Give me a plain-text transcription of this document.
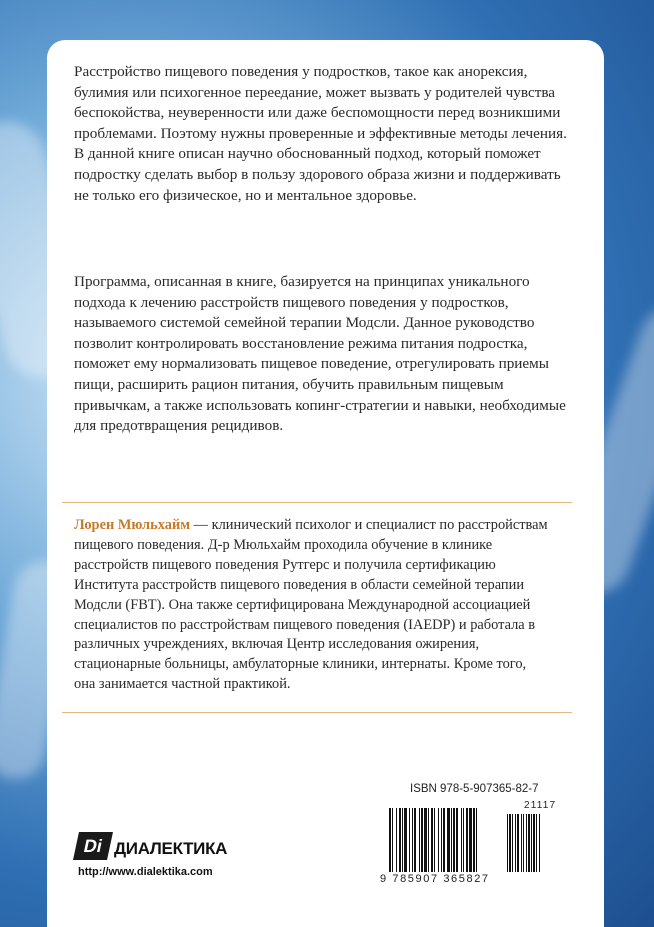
Расстройство пищевого поведения у подростков, такое как анорексия, булимия или психогенное переедание, может вызвать у родителей чувства беспокойства, неуверенности или даже беспомощности перед возникшими проблемами. Поэтому нужны проверенные и эффективные методы лечения. В данной книге описан научно обоснованный подход, который поможет подростку сделать выбор в пользу здорового образа жизни и поддерживать не только его физическое, но и ментальное здоровье.

Программа, описанная в книге, базируется на принципах уникального подхода к лечению расстройств пищевого поведения у подростков, называемого системой семейной терапии Модсли. Данное руководство позволит контролировать восстановление режима питания подростка, поможет ему нормализовать пищевое поведение, отрегулировать приемы пищи, расширить рацион питания, обучить правильным пищевым привычкам, а также использовать копинг-стратегии и навыки, необходимые для предотвращения рецидивов.

Лорен Мюльхайм — клинический психолог и специалист по расстройствам пищевого поведения. Д-р Мюльхайм проходила обучение в клинике расстройств пищевого поведения Рутгерс и получила сертификацию Института расстройств пищевого поведения в области семейной терапии Модсли (FBT). Она также сертифицирована Международной ассоциацией специалистов по расстройствам пищевого поведения (IAEDP) и работала в различных учреждениях, включая Центр исследования ожирения, стационарные больницы, амбулаторные клиники, интернаты. Кроме того, она занимается частной практикой.

ISBN 978-5-907365-82-7
21117
9 785907 365827
Di ДИАЛЕКТИКА
http://www.dialektika.com
